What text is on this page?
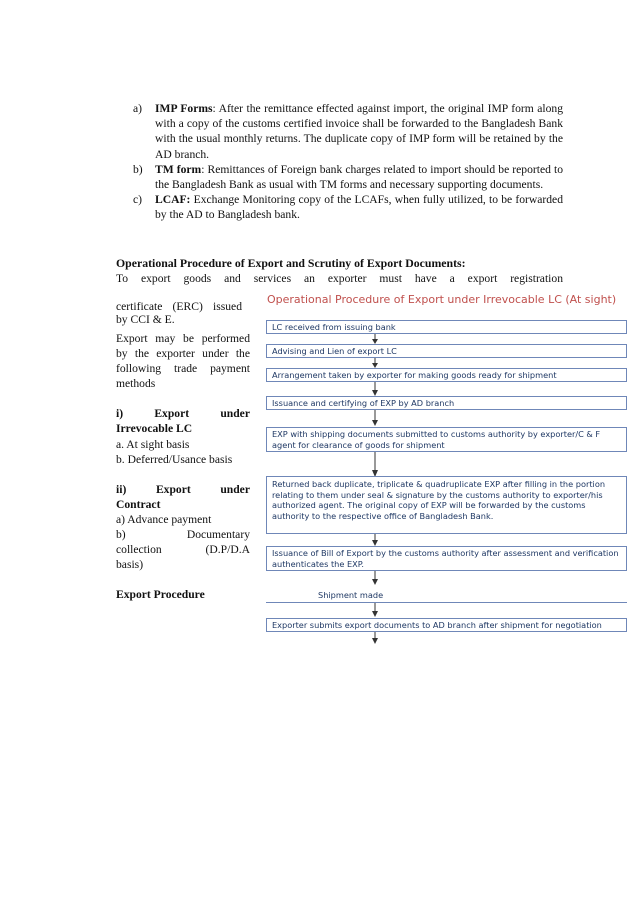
a) IMP Forms: After the remittance effected against import, the original IMP form along with a copy of the customs certified invoice shall be forwarded to the Bangladesh Bank with the usual monthly returns. The duplicate copy of IMP form will be retained by the AD branch.
b) TM form: Remittances of Foreign bank charges related to import should be reported to the Bangladesh Bank as usual with TM forms and necessary supporting documents.
c) LCAF: Exchange Monitoring copy of the LCAFs, when fully utilized, to be forwarded by the AD to Bangladesh bank.
Operational Procedure of Export and Scrutiny of Export Documents:
To export goods and services an exporter must have a export registration
certificate (ERC) issued
by CCI & E.

Export may be performed

by the exporter under the

following trade payment

methods

i)	Export	under

Irrevocable LC

a. At sight basis

b. Deferred/Usance basis

ii)	Export	under

Contract

a) Advance payment

b)	Documentary

collection	(D.P/D.A

basis)

Export Procedure

Operational Procedure of Export under Irrevocable LC (At sight)
LC received from issuing bank
Advising and Lien of export LC
Arrangement taken by exporter for making goods ready for shipment
Issuance and certifying of EXP by AD branch
EXP with shipping documents submitted to customs authority by exporter/C & F agent for clearance of goods for shipment
Returned back duplicate, triplicate & quadruplicate EXP after filling in the portion relating to them under seal & signature by the customs authority to exporter/his authorized agent. The original copy of EXP will be forwarded by the customs authority to the respective office of Bangladesh Bank.
Issuance of Bill of Export by the customs authority after assessment and verification authenticates the EXP.
Shipment made
Exporter submits export documents to AD branch after shipment for negotiation
